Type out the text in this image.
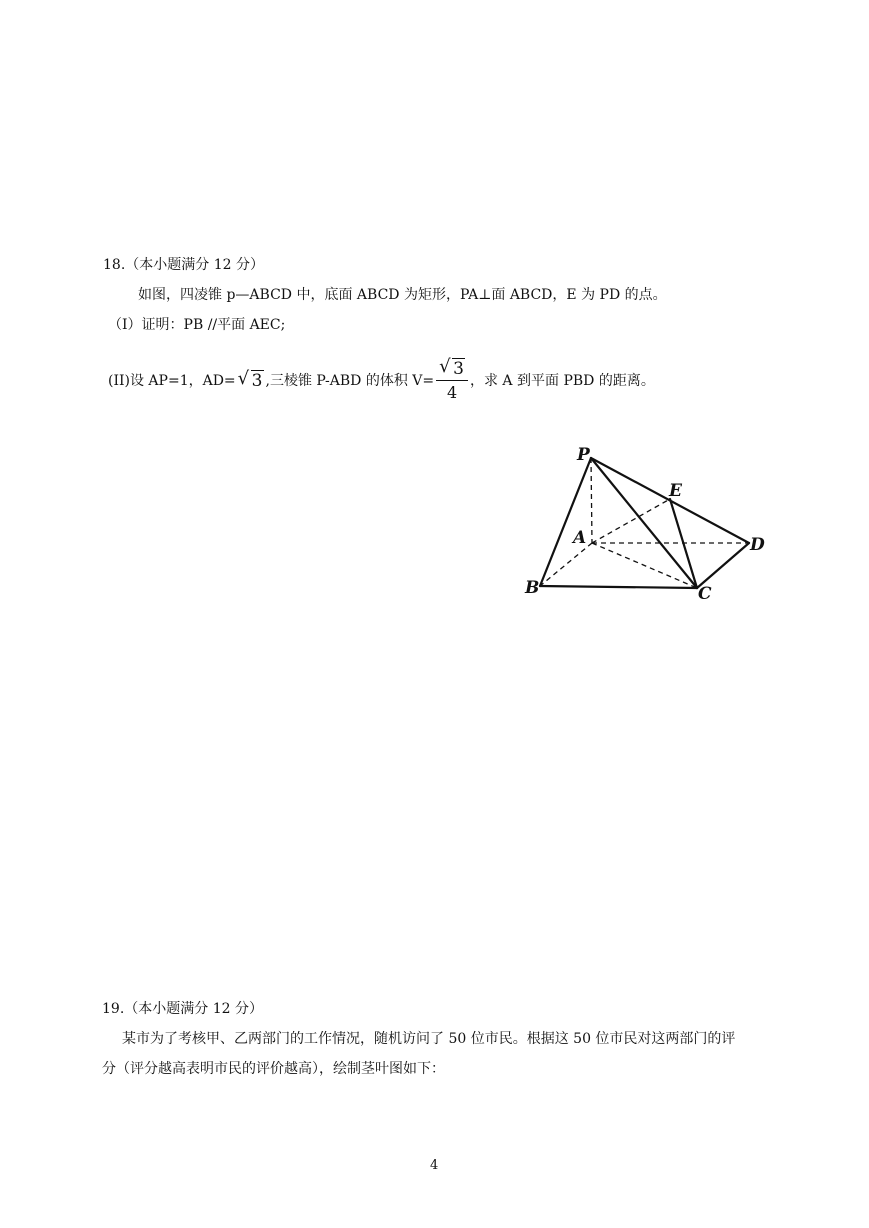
18.（本小题满分 12 分）
如图，四凌锥 p—ABCD 中，底面 ABCD 为矩形，PA⊥面 ABCD，E 为 PD 的点。
（I）证明：PB //平面 AEC;
(II)设 AP=1，AD= √ 3 ,三棱锥 P-ABD 的体积 $V= \frac{√ 3}{4}$ ，求 A 到平面 PBD 的距离。
P
E
A	D
B	C
19.（本小题满分 12 分）
某市为了考核甲、乙两部门的工作情况，随机访问了 50 位市民。根据这 50 位市民对这两部门的评
分（评分越高表明市民的评价越高），绘制茎叶图如下：
4
